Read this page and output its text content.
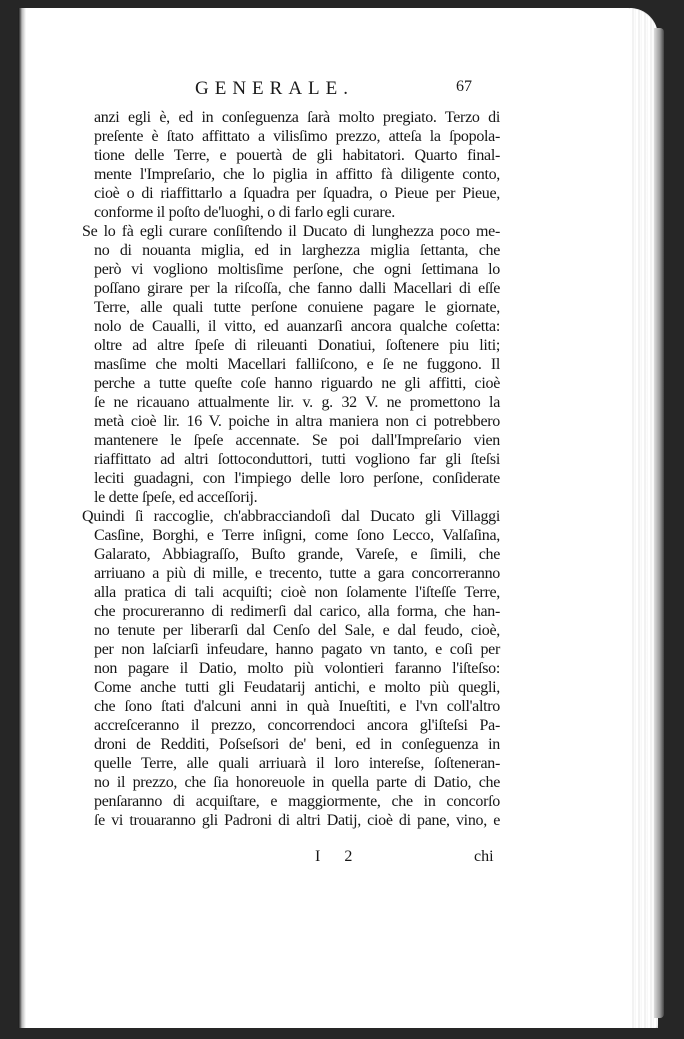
GENERALE.	67
anzi egli è, ed in conſeguenza ſarà molto pregiato. Terzo di
preſente è ſtato affittato a vilisſimo prezzo, atteſa la ſpopola-
tione delle Terre, e pouertà de gli habitatori. Quarto final-
mente l'Impreſario, che lo piglia in affitto fà diligente conto,
cioè o di riaffittarlo a ſquadra per ſquadra, o Pieue per Pieue,
conforme il poſto de'luoghi, o di farlo egli curare.
Se lo fà egli curare conſiſtendo il Ducato di lunghezza poco me-
no di nouanta miglia, ed in larghezza miglia ſettanta, che
però vi vogliono moltisſime perſone, che ogni ſettimana lo
poſſano girare per la riſcoſſa, che fanno dalli Macellari di eſſe
Terre, alle quali tutte perſone conuiene pagare le giornate,
nolo de Caualli, il vitto, ed auanzarſi ancora qualche coſetta:
oltre ad altre ſpeſe di rileuanti Donatiui, ſoſtenere piu liti;
masſime che molti Macellari falliſcono, e ſe ne fuggono. Il
perche a tutte queſte coſe hanno riguardo ne gli affitti, cioè
ſe ne ricauano attualmente lir. v. g. 32 V. ne promettono la
metà cioè lir. 16 V. poiche in altra maniera non ci potrebbero
mantenere le ſpeſe accennate. Se poi dall'Impreſario vien
riaffittato ad altri ſottoconduttori, tutti vogliono far gli ſteſsi
leciti guadagni, con l'impiego delle loro perſone, conſiderate
le dette ſpeſe, ed acceſſorij.
Quindi ſi raccoglie, ch'abbracciandoſi dal Ducato gli Villaggi
Casſine, Borghi, e Terre inſigni, come ſono Lecco, Valſaſina,
Galarato, Abbiagraſſo, Buſto grande, Vareſe, e ſimili, che
arriuano a più di mille, e trecento, tutte a gara concorreranno
alla pratica di tali acquiſti; cioè non ſolamente l'iſteſſe Terre,
che procureranno di redimerſi dal carico, alla forma, che han-
no tenute per liberarſi dal Cenſo del Sale, e dal feudo, cioè,
per non laſciarſi infeudare, hanno pagato vn tanto, e coſi per
non pagare il Datio, molto più volontieri faranno l'iſteſso:
Come anche tutti gli Feudatarij antichi, e molto più quegli,
che ſono ſtati d'alcuni anni in quà Inueſtiti, e l'vn coll'altro
accreſceranno il prezzo, concorrendoci ancora gl'iſteſsi Pa-
droni de Redditi, Poſseſsori de' beni, ed in conſeguenza in
quelle Terre, alle quali arriuarà il loro intereſse, ſoſteneran-
no il prezzo, che ſia honoreuole in quella parte di Datio, che
penſaranno di acquiſtare, e maggiormente, che in concorſo
ſe vi trouaranno gli Padroni di altri Datij, cioè di pane, vino, e
I 2	chi
